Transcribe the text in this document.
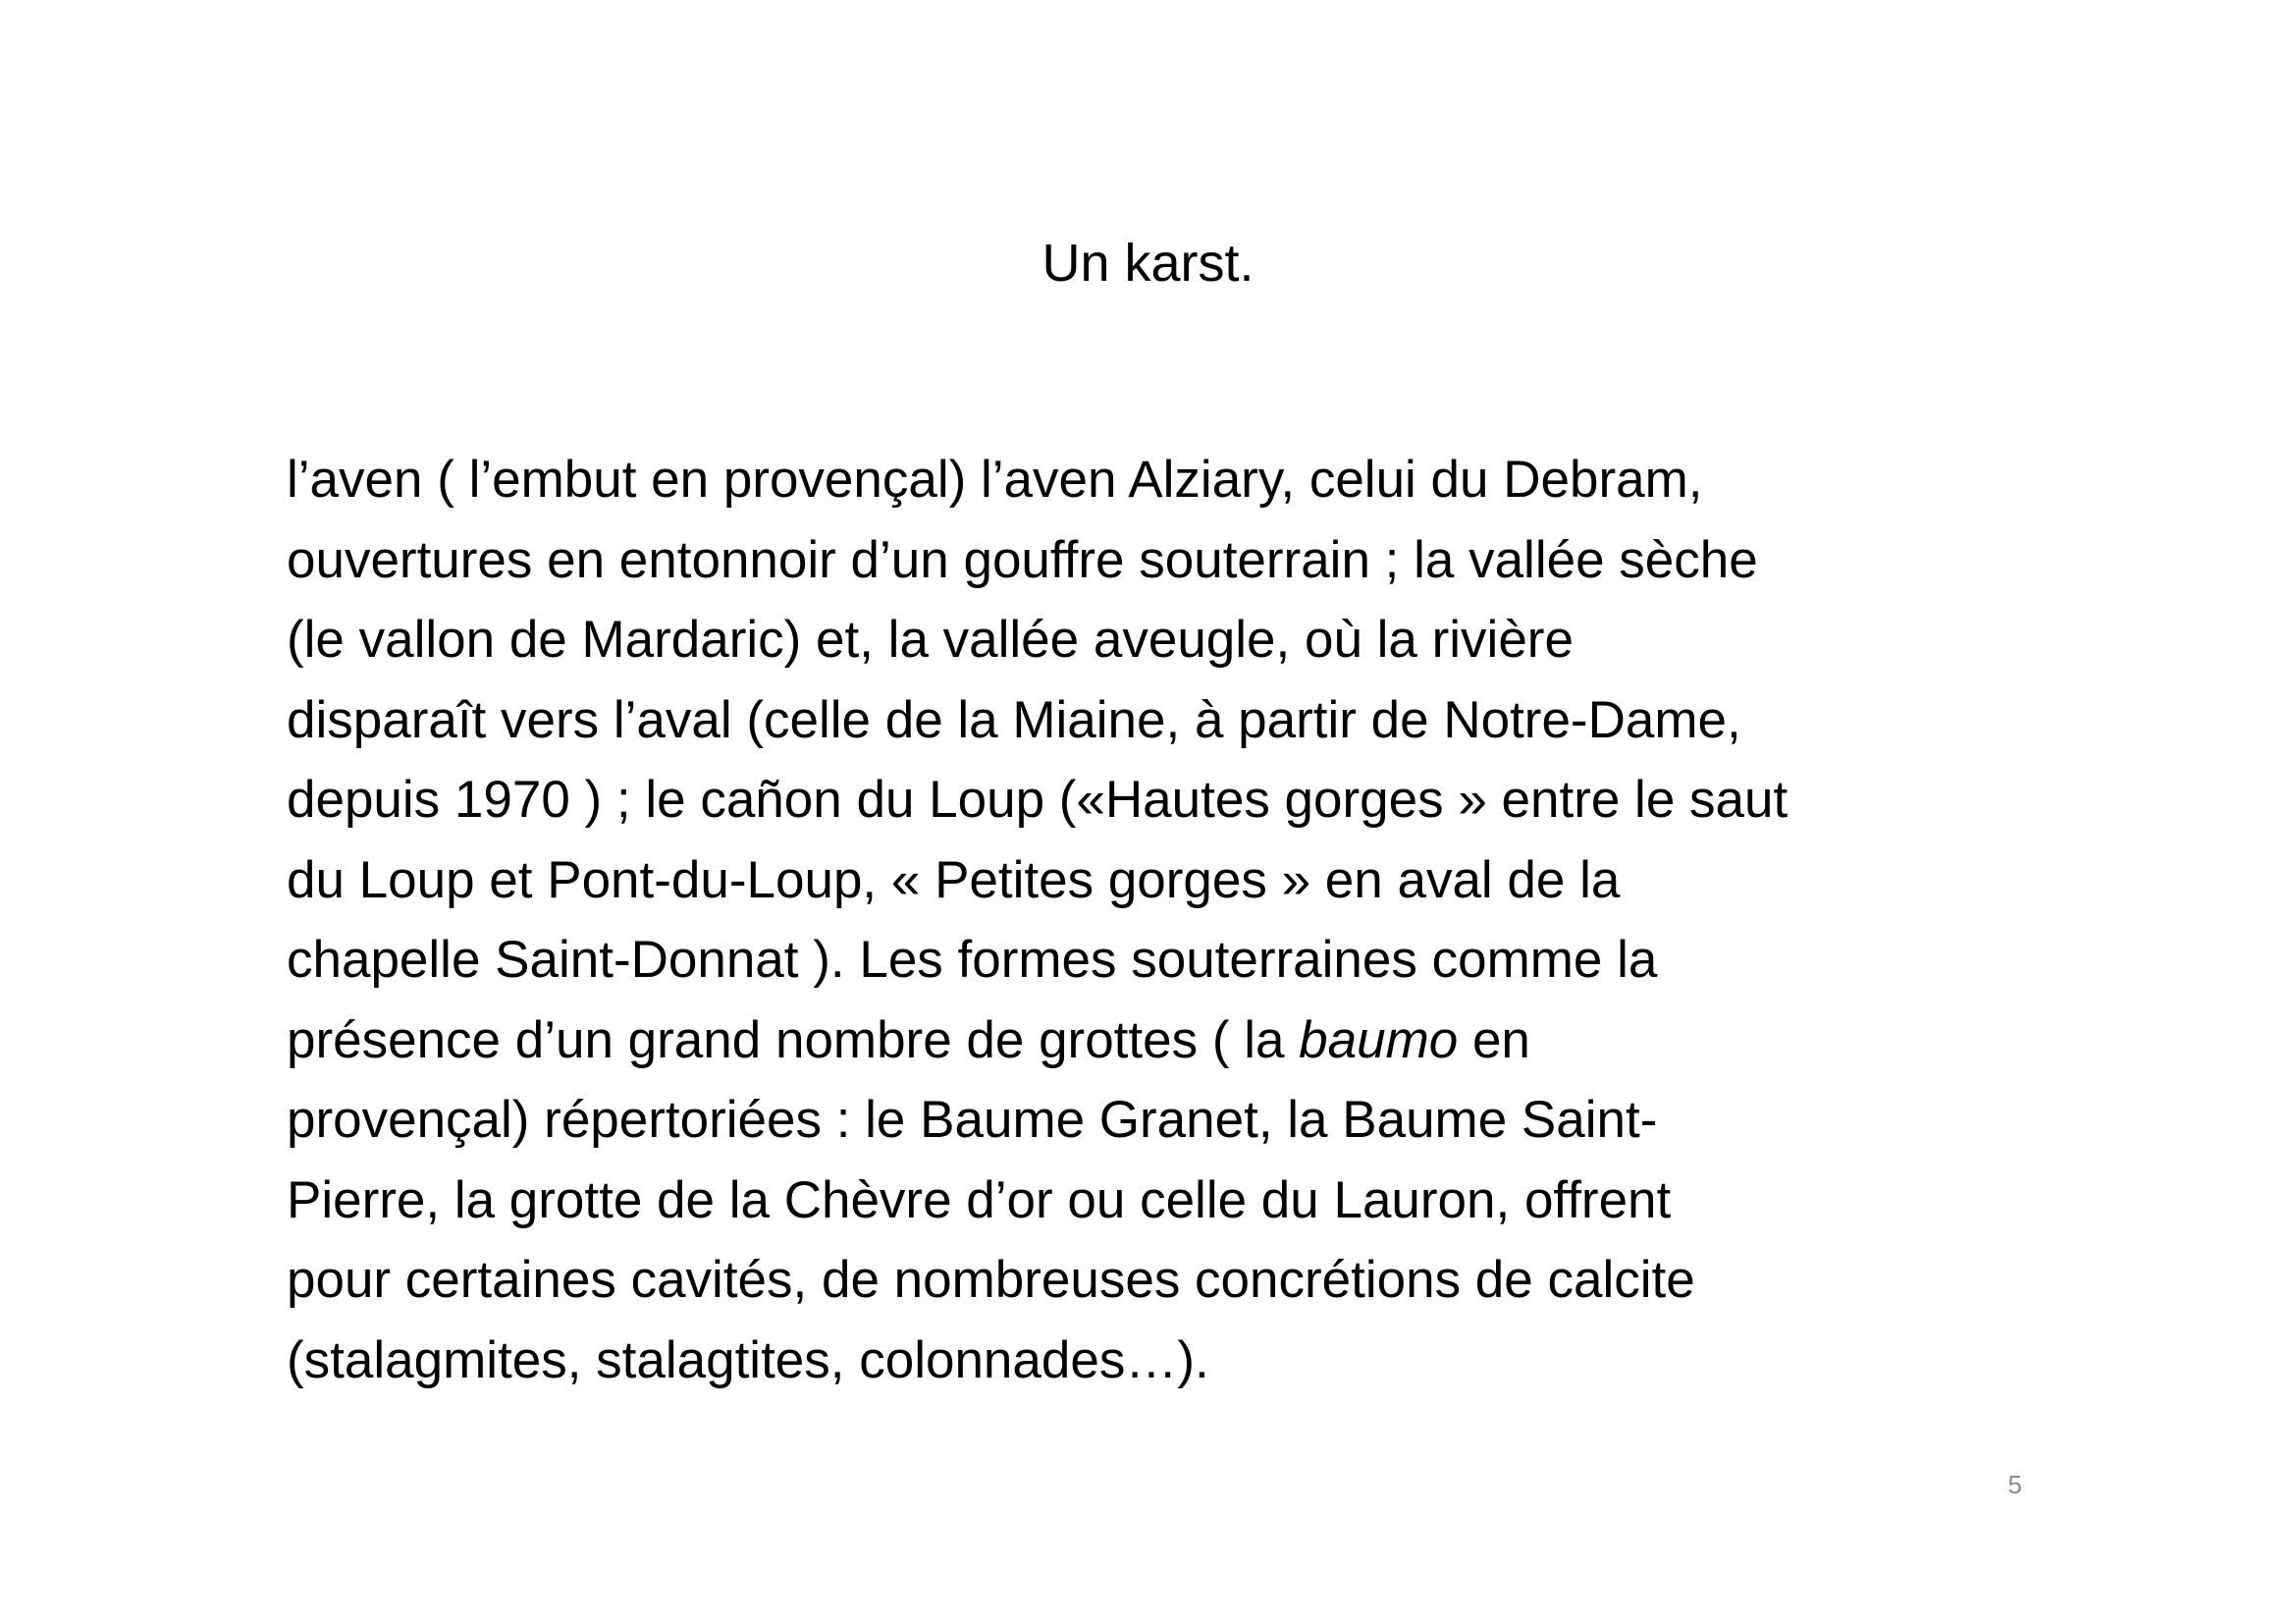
Un karst.
l’aven ( l’embut en provençal) l’aven Alziary, celui du Debram,
ouvertures en entonnoir d’un gouffre souterrain ; la vallée sèche
(le vallon de Mardaric) et, la vallée aveugle, où la rivière
disparaît vers l’aval (celle de la Miaine, à partir de Notre-Dame,
depuis 1970 ) ; le cañon du Loup («Hautes gorges » entre le saut
du Loup et Pont-du-Loup, « Petites gorges » en aval de la
chapelle Saint-Donnat ). Les formes souterraines comme la
présence d’un grand nombre de grottes ( la baumo en
provençal) répertoriées : le Baume Granet, la Baume Saint-
Pierre, la grotte de la Chèvre d’or ou celle du Lauron, offrent
pour certaines cavités, de nombreuses concrétions de calcite
(stalagmites, stalagtites, colonnades…).
5
